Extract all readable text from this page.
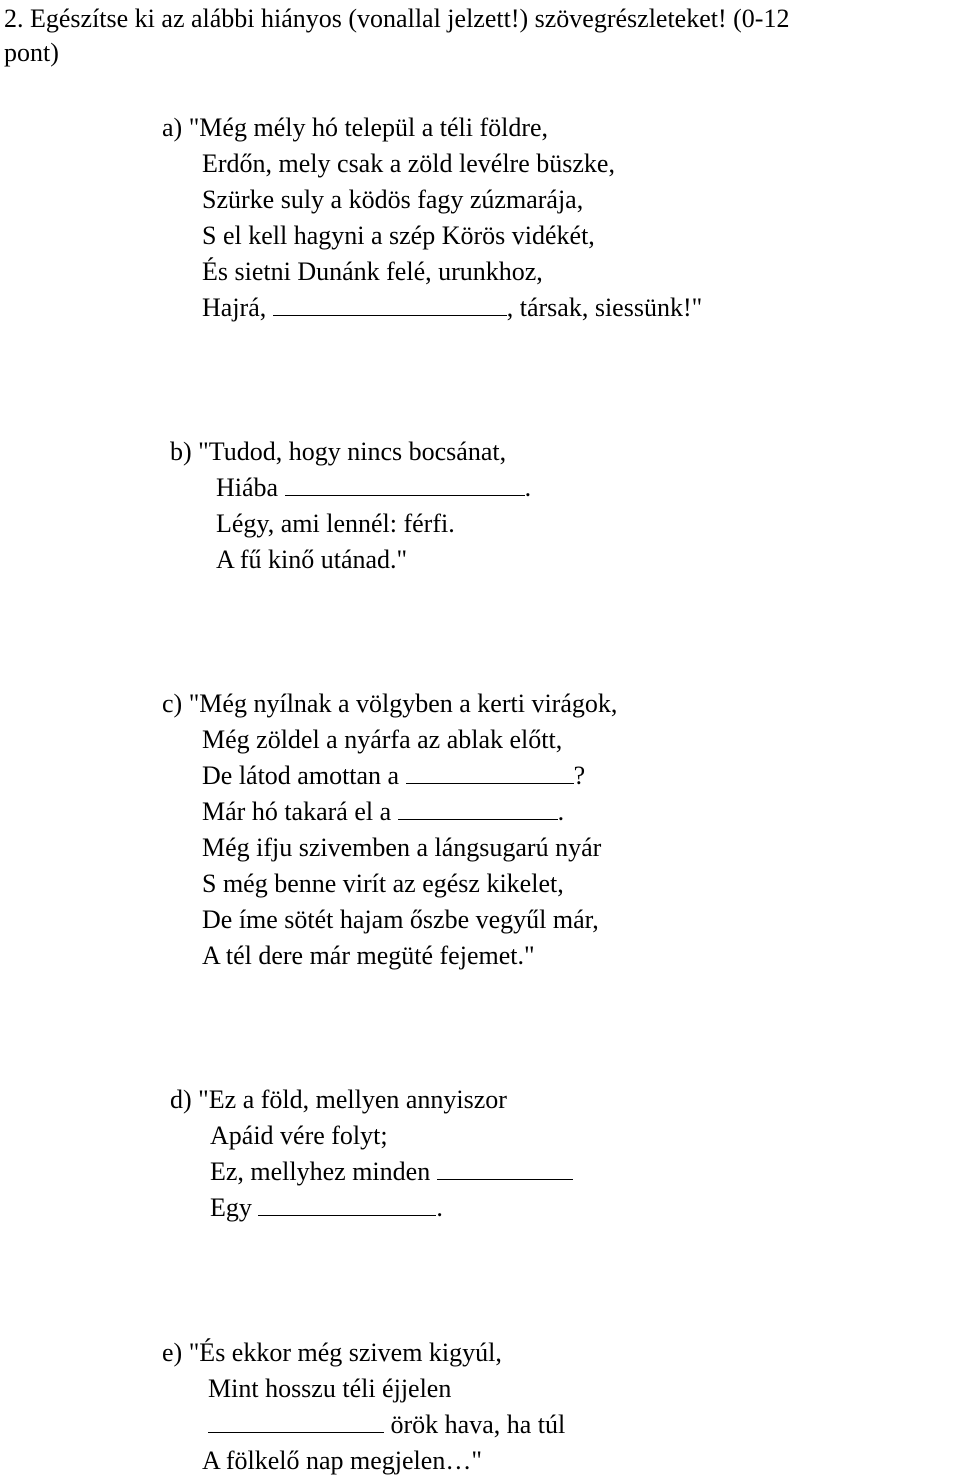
2. Egészítse ki az alábbi hiányos (vonallal jelzett!) szövegrészleteket! (0-12
pont)
a) "Még mély hó települ a téli földre,
Erdőn, mely csak a zöld levélre büszke,
Szürke suly a ködös fagy zúzmarája,
S el kell hagyni a szép Körös vidékét,
És sietni Dunánk felé, urunkhoz,
Hajrá,	, társak, siessünk!"
b) "Tudod, hogy nincs bocsánat,
Hiába	.
Légy, ami lennél: férfi.
A fű kinő utánad."
c) "Még nyílnak a völgyben a kerti virágok,
Még zöldel a nyárfa az ablak előtt,
De látod amottan a	?
Már hó takará el a	.
Még ifju szivemben a lángsugarú nyár
S még benne virít az egész kikelet,
De íme sötét hajam őszbe vegyűl már,
A tél dere már megüté fejemet."
d) "Ez a föld, mellyen annyiszor
Apáid vére folyt;
Ez, mellyhez minden
Egy	.
e) "És ekkor még szivem kigyúl,
Mint hosszu téli éjjelen
örök hava, ha túl
A fölkelő nap megjelen…"
